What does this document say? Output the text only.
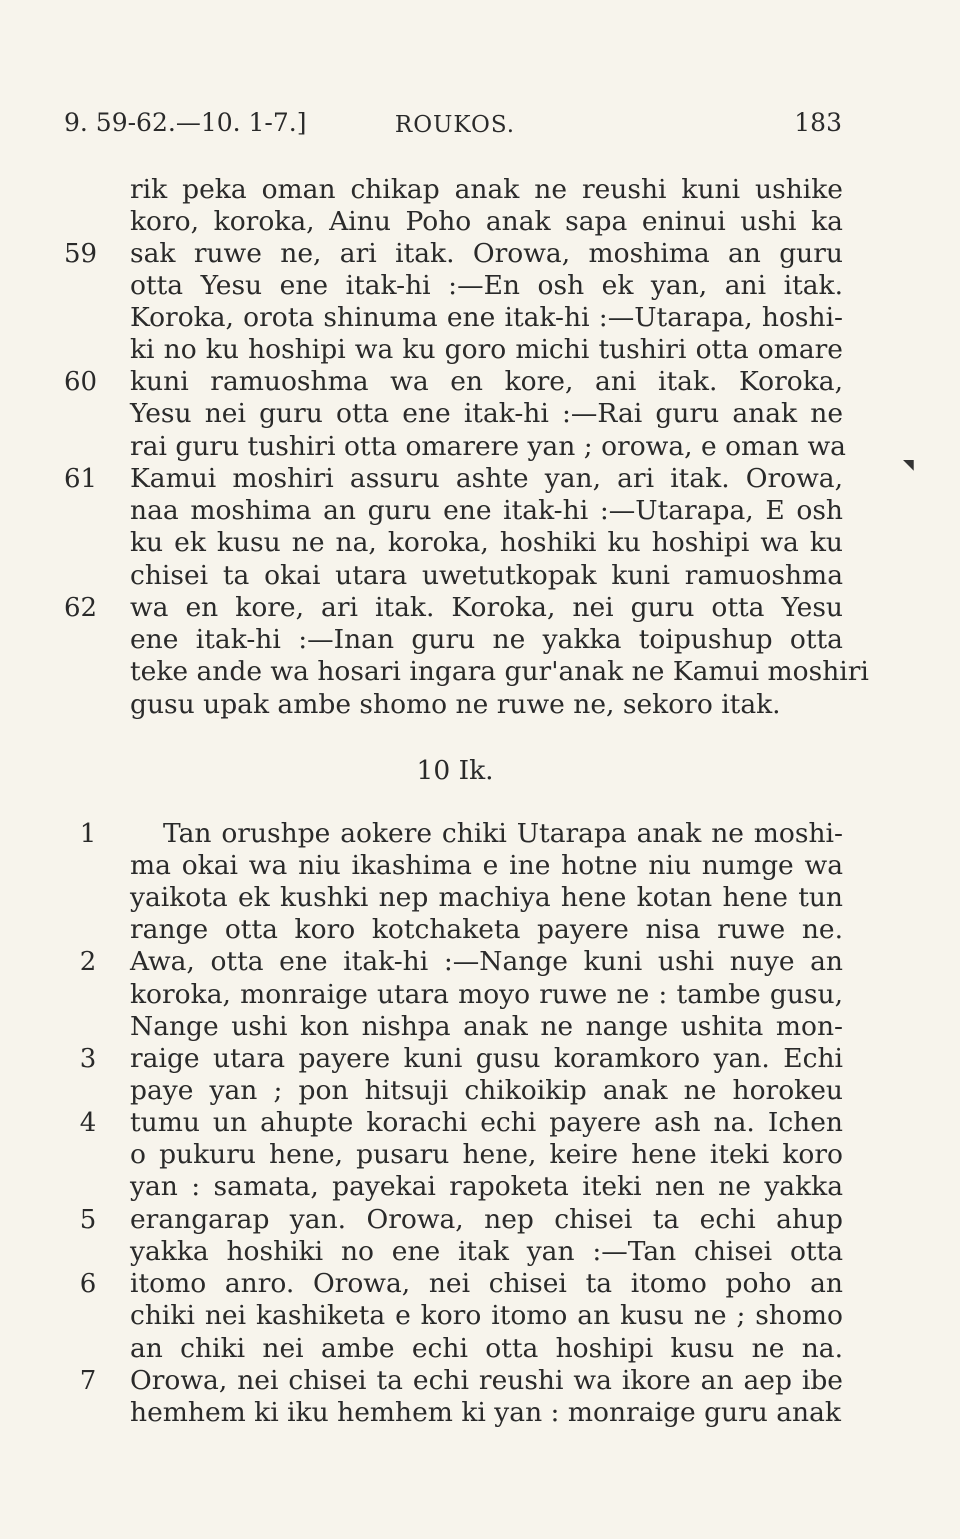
9. 59-62.—10. 1-7.]	ROUKOS.	183
rik peka oman chikap anak ne reushi kuni ushike
koro, koroka, Ainu Poho anak sapa eninui ushi ka
sak ruwe ne, ari itak. Orowa, moshima an guru
otta Yesu ene itak-hi :—En osh ek yan, ani itak.
Koroka, orota shinuma ene itak-hi :—Utarapa, hoshi-
ki no ku hoshipi wa ku goro michi tushiri otta omare
kuni ramuoshma wa en kore, ani itak. Koroka,
Yesu nei guru otta ene itak-hi :—Rai guru anak ne
rai guru tushiri otta omarere yan ; orowa, e oman wa
Kamui moshiri assuru ashte yan, ari itak. Orowa,
naa moshima an guru ene itak-hi :—Utarapa, E osh
ku ek kusu ne na, koroka, hoshiki ku hoshipi wa ku
chisei ta okai utara uwetutkopak kuni ramuoshma
wa en kore, ari itak. Koroka, nei guru otta Yesu
ene itak-hi :—Inan guru ne yakka toipushup otta
teke ande wa hosari ingara gur'anak ne Kamui moshiri
gusu upak ambe shomo ne ruwe ne, sekoro itak.
59
60
61
62
10 Ik.
Tan orushpe aokere chiki Utarapa anak ne moshi-
ma okai wa niu ikashima e ine hotne niu numge wa
yaikota ek kushki nep machiya hene kotan hene tun
range otta koro kotchaketa payere nisa ruwe ne.
Awa, otta ene itak-hi :—Nange kuni ushi nuye an
koroka, monraige utara moyo ruwe ne : tambe gusu,
Nange ushi kon nishpa anak ne nange ushita mon-
raige utara payere kuni gusu koramkoro yan. Echi
paye yan ; pon hitsuji chikoikip anak ne horokeu
tumu un ahupte korachi echi payere ash na. Ichen
o pukuru hene, pusaru hene, keire hene iteki koro
yan : samata, payekai rapoketa iteki nen ne yakka
erangarap yan. Orowa, nep chisei ta echi ahup
yakka hoshiki no ene itak yan :—Tan chisei otta
itomo anro. Orowa, nei chisei ta itomo poho an
chiki nei kashiketa e koro itomo an kusu ne ; shomo
an chiki nei ambe echi otta hoshipi kusu ne na.
Orowa, nei chisei ta echi reushi wa ikore an aep ibe
hemhem ki iku hemhem ki yan : monraige guru anak
1
2
3
4
5
6
7
◥
